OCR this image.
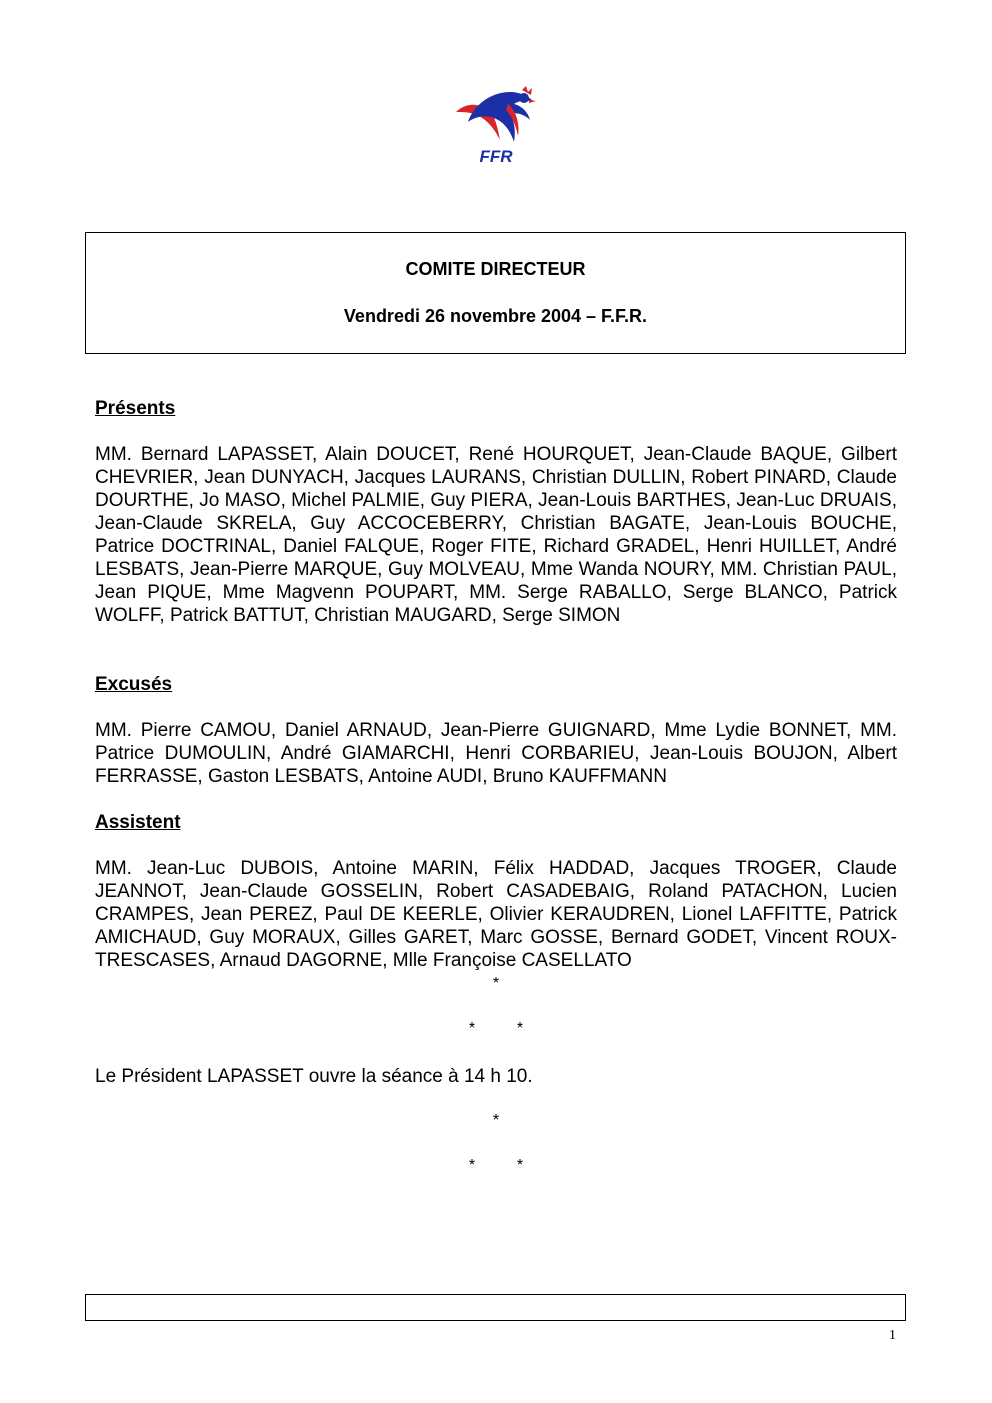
FFR
COMITE DIRECTEUR
Vendredi 26 novembre 2004 – F.F.R.
Présents
MM. Bernard LAPASSET, Alain DOUCET, René HOURQUET, Jean-Claude BAQUE, Gilbert CHEVRIER, Jean DUNYACH, Jacques LAURANS, Christian DULLIN, Robert PINARD, Claude DOURTHE, Jo MASO, Michel PALMIE, Guy PIERA, Jean-Louis BARTHES, Jean-Luc DRUAIS, Jean-Claude SKRELA, Guy ACCOCEBERRY, Christian BAGATE, Jean-Louis BOUCHE, Patrice DOCTRINAL, Daniel FALQUE, Roger FITE, Richard GRADEL, Henri HUILLET, André LESBATS, Jean-Pierre MARQUE, Guy MOLVEAU, Mme Wanda NOURY, MM. Christian PAUL, Jean PIQUE, Mme Magvenn POUPART, MM. Serge RABALLO, Serge BLANCO, Patrick WOLFF, Patrick BATTUT, Christian MAUGARD, Serge SIMON
Excusés
MM. Pierre CAMOU, Daniel ARNAUD, Jean-Pierre GUIGNARD, Mme Lydie BONNET, MM. Patrice DUMOULIN, André GIAMARCHI, Henri CORBARIEU, Jean-Louis BOUJON, Albert FERRASSE, Gaston LESBATS, Antoine AUDI, Bruno KAUFFMANN
Assistent
MM. Jean-Luc DUBOIS, Antoine MARIN, Félix HADDAD, Jacques TROGER, Claude JEANNOT, Jean-Claude GOSSELIN, Robert CASADEBAIG, Roland PATACHON, Lucien CRAMPES, Jean PEREZ, Paul DE KEERLE, Olivier KERAUDREN, Lionel LAFFITTE, Patrick AMICHAUD, Guy MORAUX, Gilles GARET, Marc GOSSE, Bernard GODET, Vincent ROUX-TRESCASES, Arnaud DAGORNE, Mlle Françoise CASELLATO
*
*	*
Le Président LAPASSET ouvre la séance à 14 h 10.
*
*	*
1
